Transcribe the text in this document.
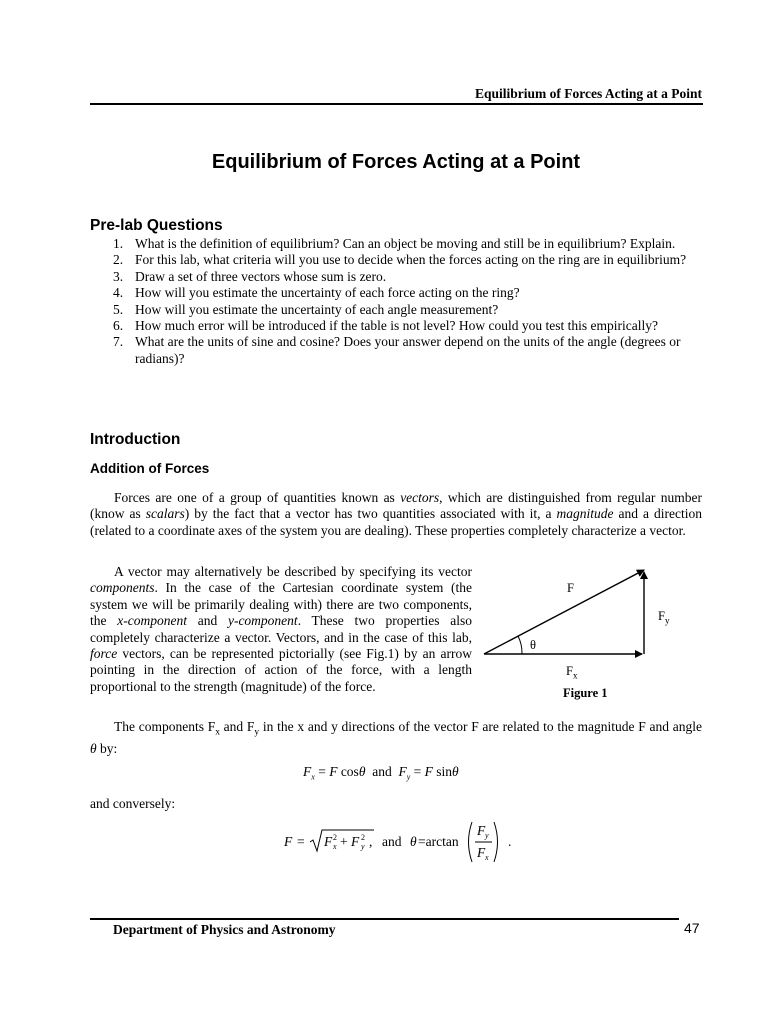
Equilibrium of Forces Acting at a Point
Equilibrium of Forces Acting at a Point
Pre-lab Questions
1. What is the definition of equilibrium? Can an object be moving and still be in equilibrium? Explain.
2. For this lab, what criteria will you use to decide when the forces acting on the ring are in equilibrium?
3. Draw a set of three vectors whose sum is zero.
4. How will you estimate the uncertainty of each force acting on the ring?
5. How will you estimate the uncertainty of each angle measurement?
6. How much error will be introduced if the table is not level? How could you test this empirically?
7. What are the units of sine and cosine? Does your answer depend on the units of the angle (degrees or radians)?
Introduction
Addition of Forces

Forces are one of a group of quantities known as vectors, which are distinguished from regular number (know as scalars) by the fact that a vector has two quantities associated with it, a magnitude and a direction (related to a coordinate axes of the system you are dealing). These properties completely characterize a vector.

A vector may alternatively be described by specifying its vector components. In the case of the Cartesian coordinate system (the system we will be primarily dealing with) there are two components, the x-component and y-component. These two properties also completely characterize a vector. Vectors, and in the case of this lab, force vectors, can be represented pictorially (see Fig.1) by an arrow pointing in the direction of action of the force, with a length proportional to the strength (magnitude) of the force.

F
$F_y$
θ
$F_x$
Figure 1

The components $F_x$ and $F_y$ in the x and y directions of the vector F are related to the magnitude F and angle θ by:

$F_x = F$ cosθ  and  $F_y = F$ sinθ
and conversely:
F = F 2
x + F 2
y , and θ =arctan
F y
F x
.
Department of Physics and Astronomy	47
